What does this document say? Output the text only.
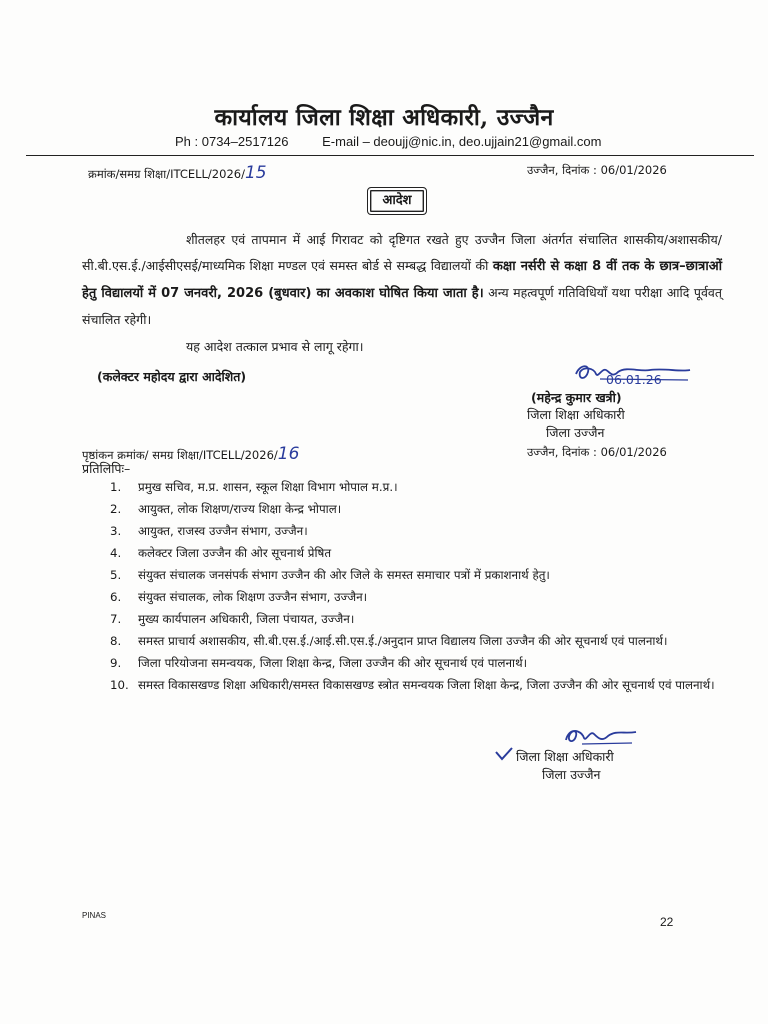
कार्यालय जिला शिक्षा अधिकारी, उज्जैन
Ph : 0734–2517126	E-mail – deoujj@nic.in, deo.ujjain21@gmail.com
क्रमांक/समग्र शिक्षा/ITCELL/2026/15	उज्जैन, दिनांक : 06/01/2026
आदेश
शीतलहर एवं तापमान में आई गिरावट को दृष्टिगत रखते हुए उज्जैन जिला अंतर्गत संचालित शासकीय/अशासकीय/सी.बी.एस.ई./आईसीएसई/माध्यमिक शिक्षा मण्डल एवं समस्त बोर्ड से सम्बद्ध विद्यालयों की कक्षा नर्सरी से कक्षा 8 वीं तक के छात्र–छात्राओं हेतु विद्यालयों में 07 जनवरी, 2026 (बुधवार) का अवकाश घोषित किया जाता है। अन्य महत्वपूर्ण गतिविधियाँ यथा परीक्षा आदि पूर्ववत् संचालित रहेगी।
यह आदेश तत्काल प्रभाव से लागू रहेगा।
(कलेक्टर महोदय द्वारा आदेशित)	06.01.26
(महेन्द्र कुमार खत्री)
जिला शिक्षा अधिकारी
जिला उज्जैन
पृष्ठांकन क्रमांक/ समग्र शिक्षा/ITCELL/2026/16	उज्जैन, दिनांक : 06/01/2026
प्रतिलिपिः–
1.	प्रमुख सचिव, म.प्र. शासन, स्कूल शिक्षा विभाग भोपाल म.प्र.।
2.	आयुक्त, लोक शिक्षण/राज्य शिक्षा केन्द्र भोपाल।
3.	आयुक्त, राजस्व उज्जैन संभाग, उज्जैन।
4.	कलेक्टर जिला उज्जैन की ओर सूचनार्थ प्रेषित
5.	संयुक्त संचालक जनसंपर्क संभाग उज्जैन की ओर जिले के समस्त समाचार पत्रों में प्रकाशनार्थ हेतु।
6.	संयुक्त संचालक, लोक शिक्षण उज्जैन संभाग, उज्जैन।
7.	मुख्य कार्यपालन अधिकारी, जिला पंचायत, उज्जैन।
8.	समस्त प्राचार्य अशासकीय, सी.बी.एस.ई./आई.सी.एस.ई./अनुदान प्राप्त विद्यालय जिला उज्जैन की ओर सूचनार्थ एवं पालनार्थ।
9.	जिला परियोजना समन्वयक, जिला शिक्षा केन्द्र, जिला उज्जैन की ओर सूचनार्थ एवं पालनार्थ।
10. समस्त विकासखण्ड शिक्षा अधिकारी/समस्त विकासखण्ड स्त्रोत समन्वयक जिला शिक्षा केन्द्र, जिला उज्जैन की ओर सूचनार्थ एवं पालनार्थ।
जिला शिक्षा अधिकारी
जिला उज्जैन
PINAS	22
